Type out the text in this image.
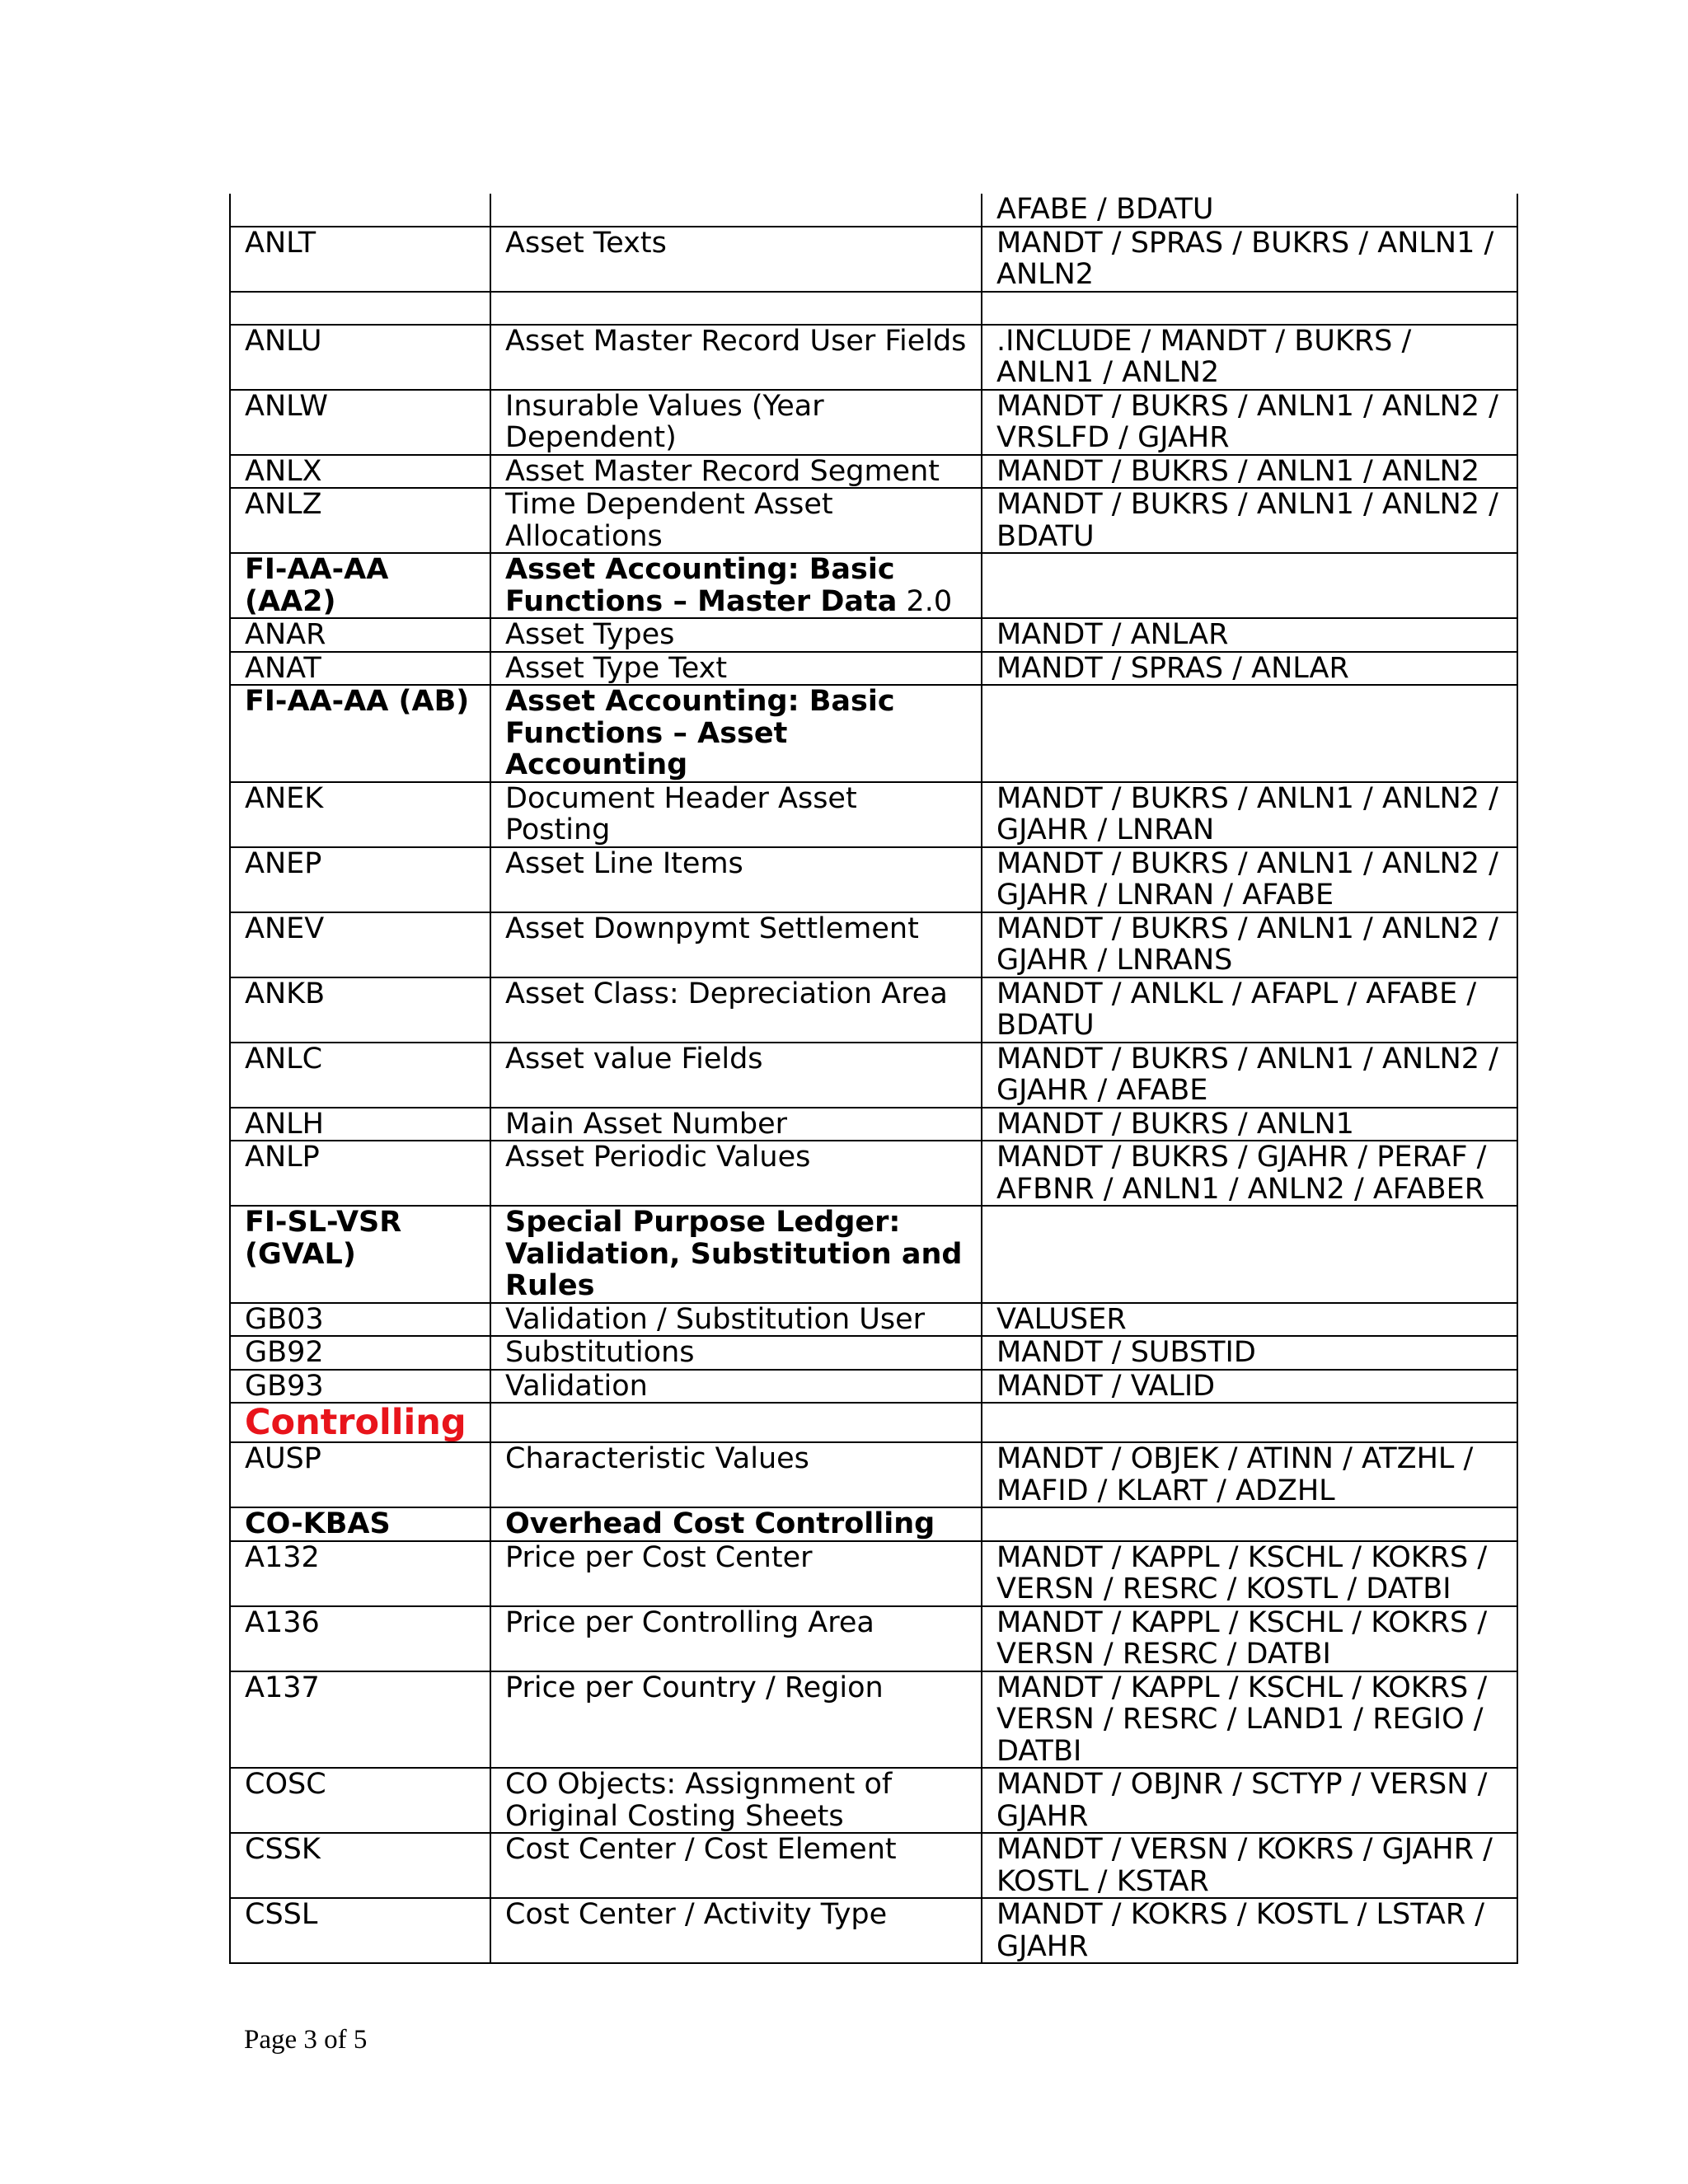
		AFABE / BDATU
ANLT	Asset Texts	MANDT / SPRAS / BUKRS / ANLN1 / ANLN2

ANLU	Asset Master Record User Fields	.INCLUDE / MANDT / BUKRS / ANLN1 / ANLN2
ANLW	Insurable Values (Year Dependent)	MANDT / BUKRS / ANLN1 / ANLN2 / VRSLFD / GJAHR
ANLX	Asset Master Record Segment	MANDT / BUKRS / ANLN1 / ANLN2
ANLZ	Time Dependent Asset Allocations	MANDT / BUKRS / ANLN1 / ANLN2 / BDATU
FI-AA-AA (AA2)	Asset Accounting: Basic Functions – Master Data 2.0	
ANAR	Asset Types	MANDT / ANLAR
ANAT	Asset Type Text	MANDT / SPRAS / ANLAR
FI-AA-AA (AB)	Asset Accounting: Basic Functions – Asset Accounting	
ANEK	Document Header Asset Posting	MANDT / BUKRS / ANLN1 / ANLN2 / GJAHR / LNRAN
ANEP	Asset Line Items	MANDT / BUKRS / ANLN1 / ANLN2 / GJAHR / LNRAN / AFABE
ANEV	Asset Downpymt Settlement	MANDT / BUKRS / ANLN1 / ANLN2 / GJAHR / LNRANS
ANKB	Asset Class: Depreciation Area	MANDT / ANLKL / AFAPL / AFABE / BDATU
ANLC	Asset value Fields	MANDT / BUKRS / ANLN1 / ANLN2 / GJAHR / AFABE
ANLH	Main Asset Number	MANDT / BUKRS / ANLN1
ANLP	Asset Periodic Values	MANDT / BUKRS / GJAHR / PERAF / AFBNR / ANLN1 / ANLN2 / AFABER
FI-SL-VSR (GVAL)	Special Purpose Ledger: Validation, Substitution and Rules	
GB03	Validation / Substitution User	VALUSER
GB92	Substitutions	MANDT / SUBSTID
GB93	Validation	MANDT / VALID
Controlling		
AUSP	Characteristic Values	MANDT / OBJEK / ATINN / ATZHL / MAFID / KLART / ADZHL
CO-KBAS	Overhead Cost Controlling	
A132	Price per Cost Center	MANDT / KAPPL / KSCHL / KOKRS / VERSN / RESRC / KOSTL / DATBI
A136	Price per Controlling Area	MANDT / KAPPL / KSCHL / KOKRS / VERSN / RESRC / DATBI
A137	Price per Country / Region	MANDT / KAPPL / KSCHL / KOKRS / VERSN / RESRC / LAND1 / REGIO / DATBI
COSC	CO Objects: Assignment of Original Costing Sheets	MANDT / OBJNR / SCTYP / VERSN / GJAHR
CSSK	Cost Center / Cost Element	MANDT / VERSN / KOKRS / GJAHR / KOSTL / KSTAR
CSSL	Cost Center / Activity Type	MANDT / KOKRS / KOSTL / LSTAR / GJAHR
Page 3 of 5
